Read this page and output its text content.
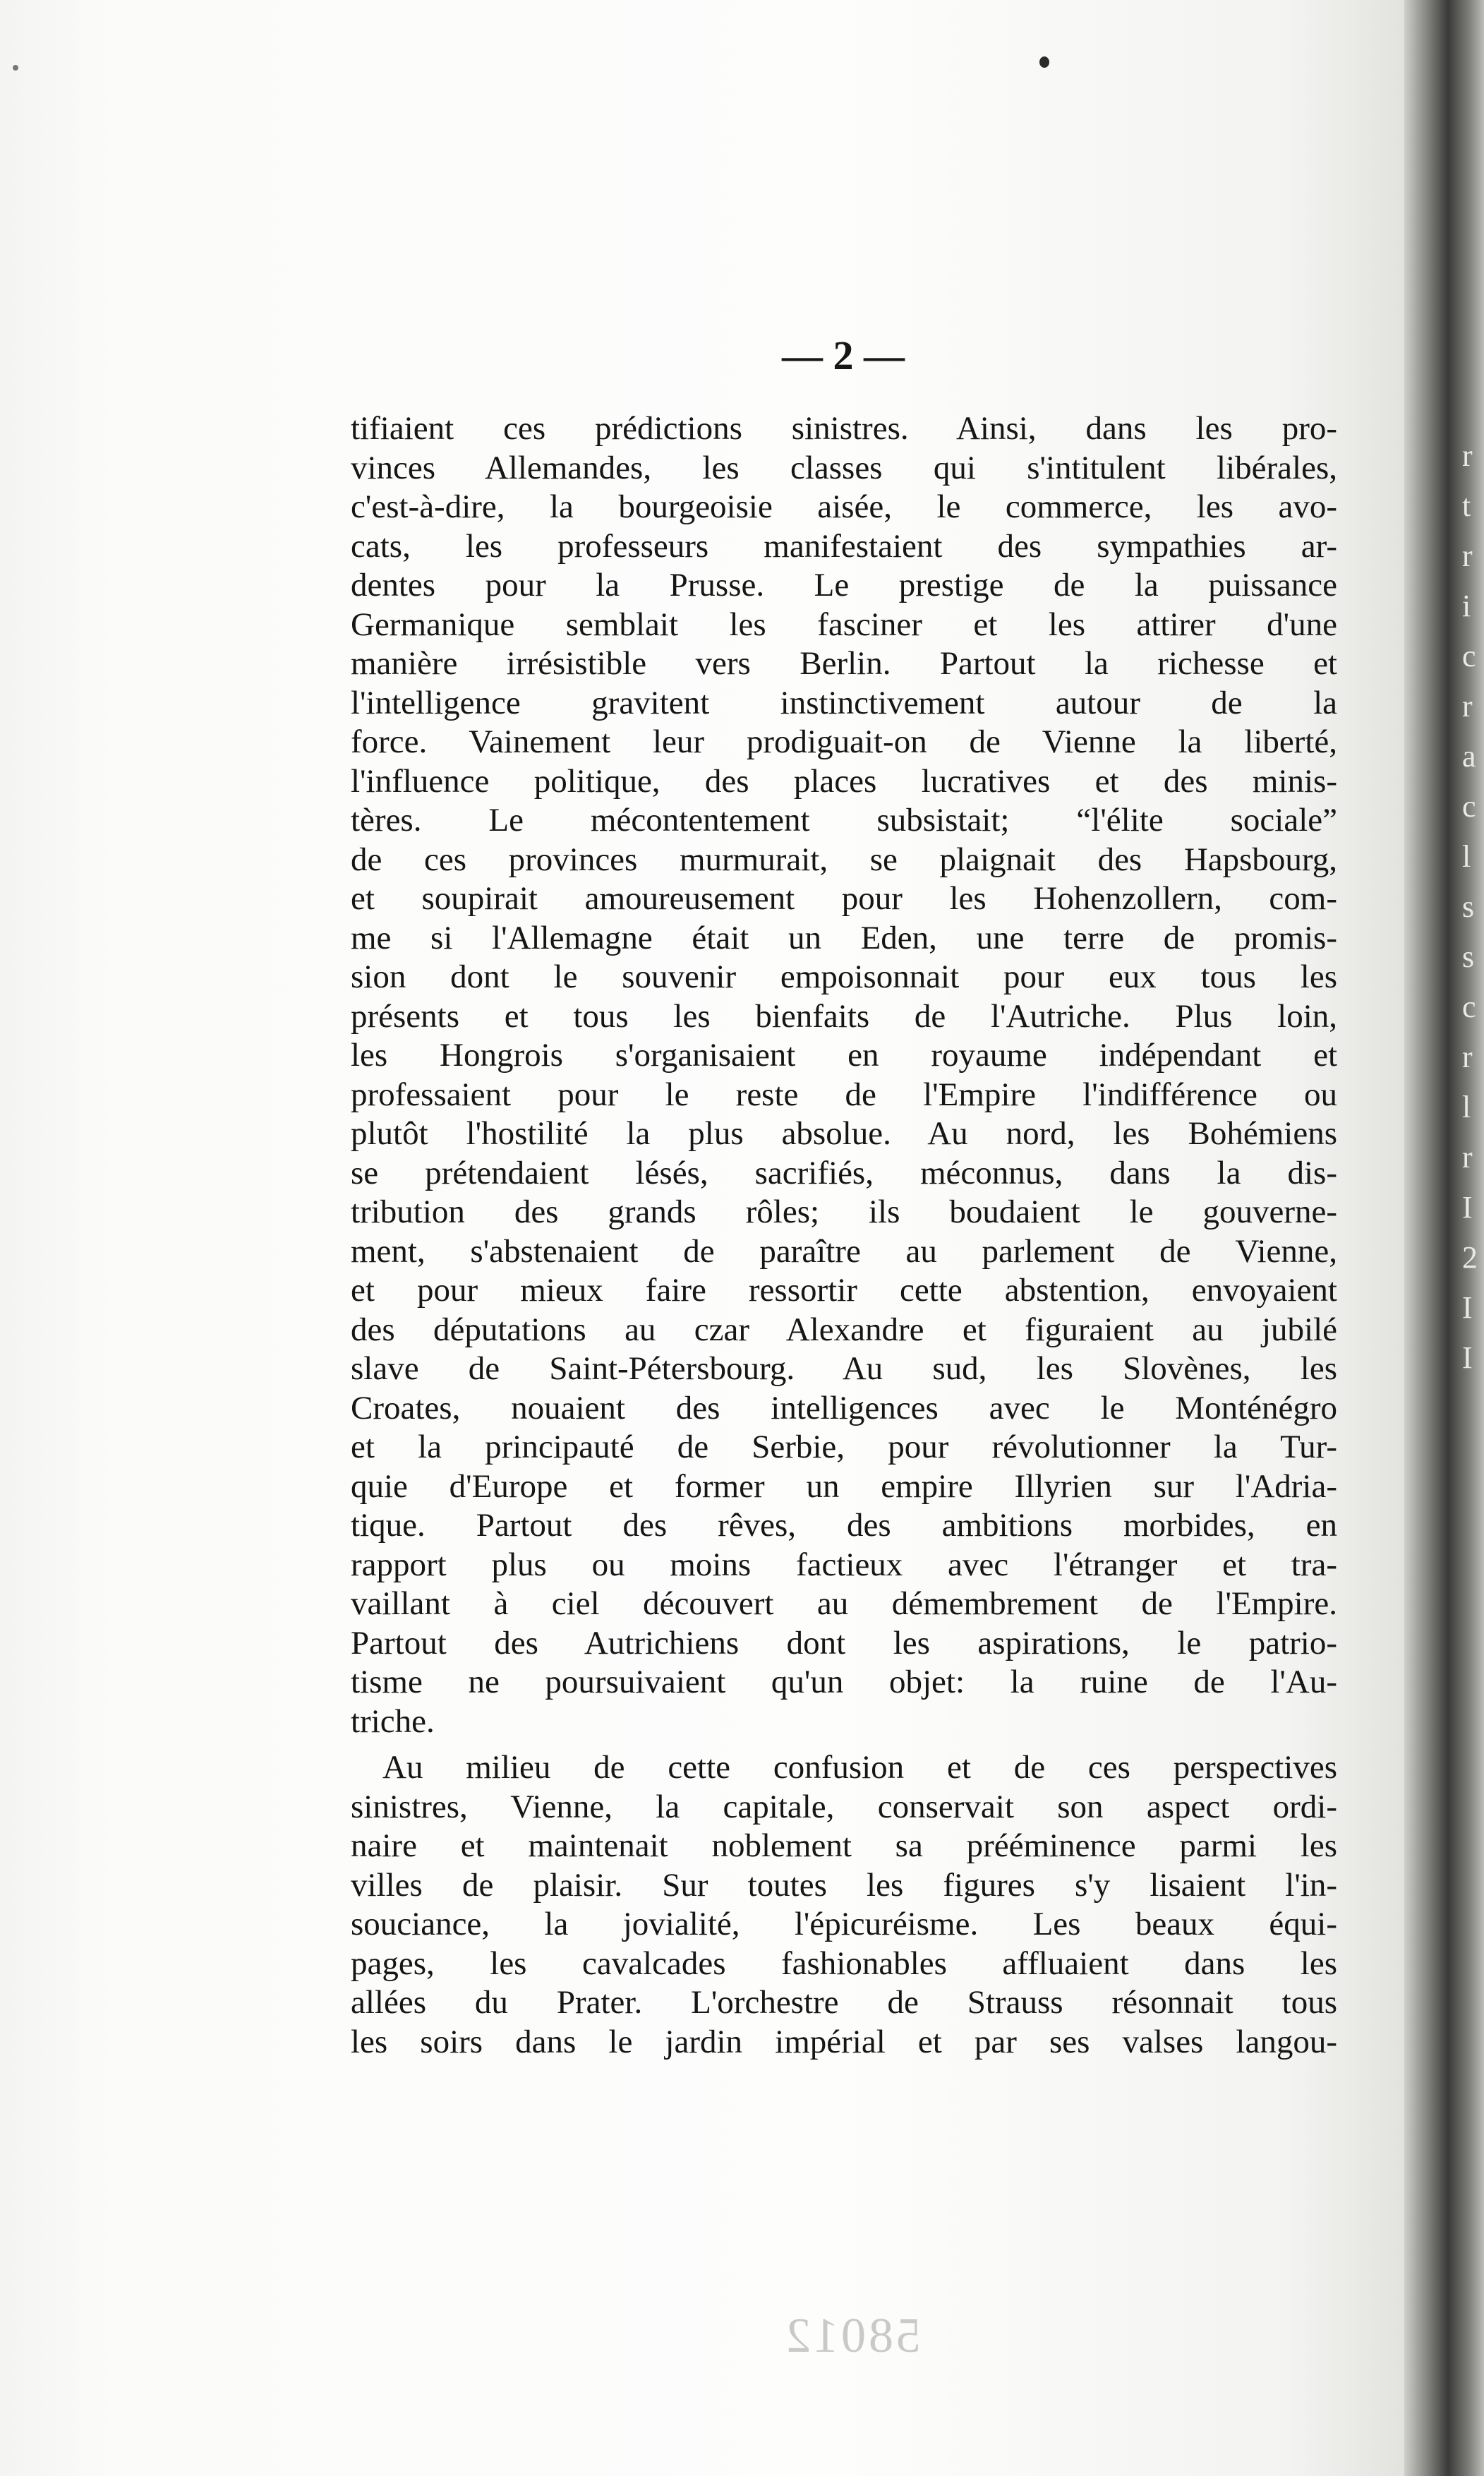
r
t
r
i
c
r
a
c
l
s
s
c
r
l
r
I
2
I
I
— 2 —
tifiaient ces prédictions sinistres. Ainsi, dans les pro-
vinces Allemandes, les classes qui s'intitulent libérales,
c'est-à-dire, la bourgeoisie aisée, le commerce, les avo-
cats, les professeurs manifestaient des sympathies ar-
dentes pour la Prusse. Le prestige de la puissance
Germanique semblait les fasciner et les attirer d'une
manière irrésistible vers Berlin. Partout la richesse et
l'intelligence gravitent instinctivement autour de la
force. Vainement leur prodiguait-on de Vienne la liberté,
l'influence politique, des places lucratives et des minis-
tères. Le mécontentement subsistait; “l'élite sociale”
de ces provinces murmurait, se plaignait des Hapsbourg,
et soupirait amoureusement pour les Hohenzollern, com-
me si l'Allemagne était un Eden, une terre de promis-
sion dont le souvenir empoisonnait pour eux tous les
présents et tous les bienfaits de l'Autriche. Plus loin,
les Hongrois s'organisaient en royaume indépendant et
professaient pour le reste de l'Empire l'indifférence ou
plutôt l'hostilité la plus absolue. Au nord, les Bohémiens
se prétendaient lésés, sacrifiés, méconnus, dans la dis-
tribution des grands rôles; ils boudaient le gouverne-
ment, s'abstenaient de paraître au parlement de Vienne,
et pour mieux faire ressortir cette abstention, envoyaient
des députations au czar Alexandre et figuraient au jubilé
slave de Saint-Pétersbourg. Au sud, les Slovènes, les
Croates, nouaient des intelligences avec le Monténégro
et la principauté de Serbie, pour révolutionner la Tur-
quie d'Europe et former un empire Illyrien sur l'Adria-
tique. Partout des rêves, des ambitions morbides, en
rapport plus ou moins factieux avec l'étranger et tra-
vaillant à ciel découvert au démembrement de l'Empire.
Partout des Autrichiens dont les aspirations, le patrio-
tisme ne poursuivaient qu'un objet: la ruine de l'Au-
triche.
Au milieu de cette confusion et de ces perspectives
sinistres, Vienne, la capitale, conservait son aspect ordi-
naire et maintenait noblement sa prééminence parmi les
villes de plaisir. Sur toutes les figures s'y lisaient l'in-
souciance, la jovialité, l'épicuréisme. Les beaux équi-
pages, les cavalcades fashionables affluaient dans les
allées du Prater. L'orchestre de Strauss résonnait tous
les soirs dans le jardin impérial et par ses valses langou-
58012
